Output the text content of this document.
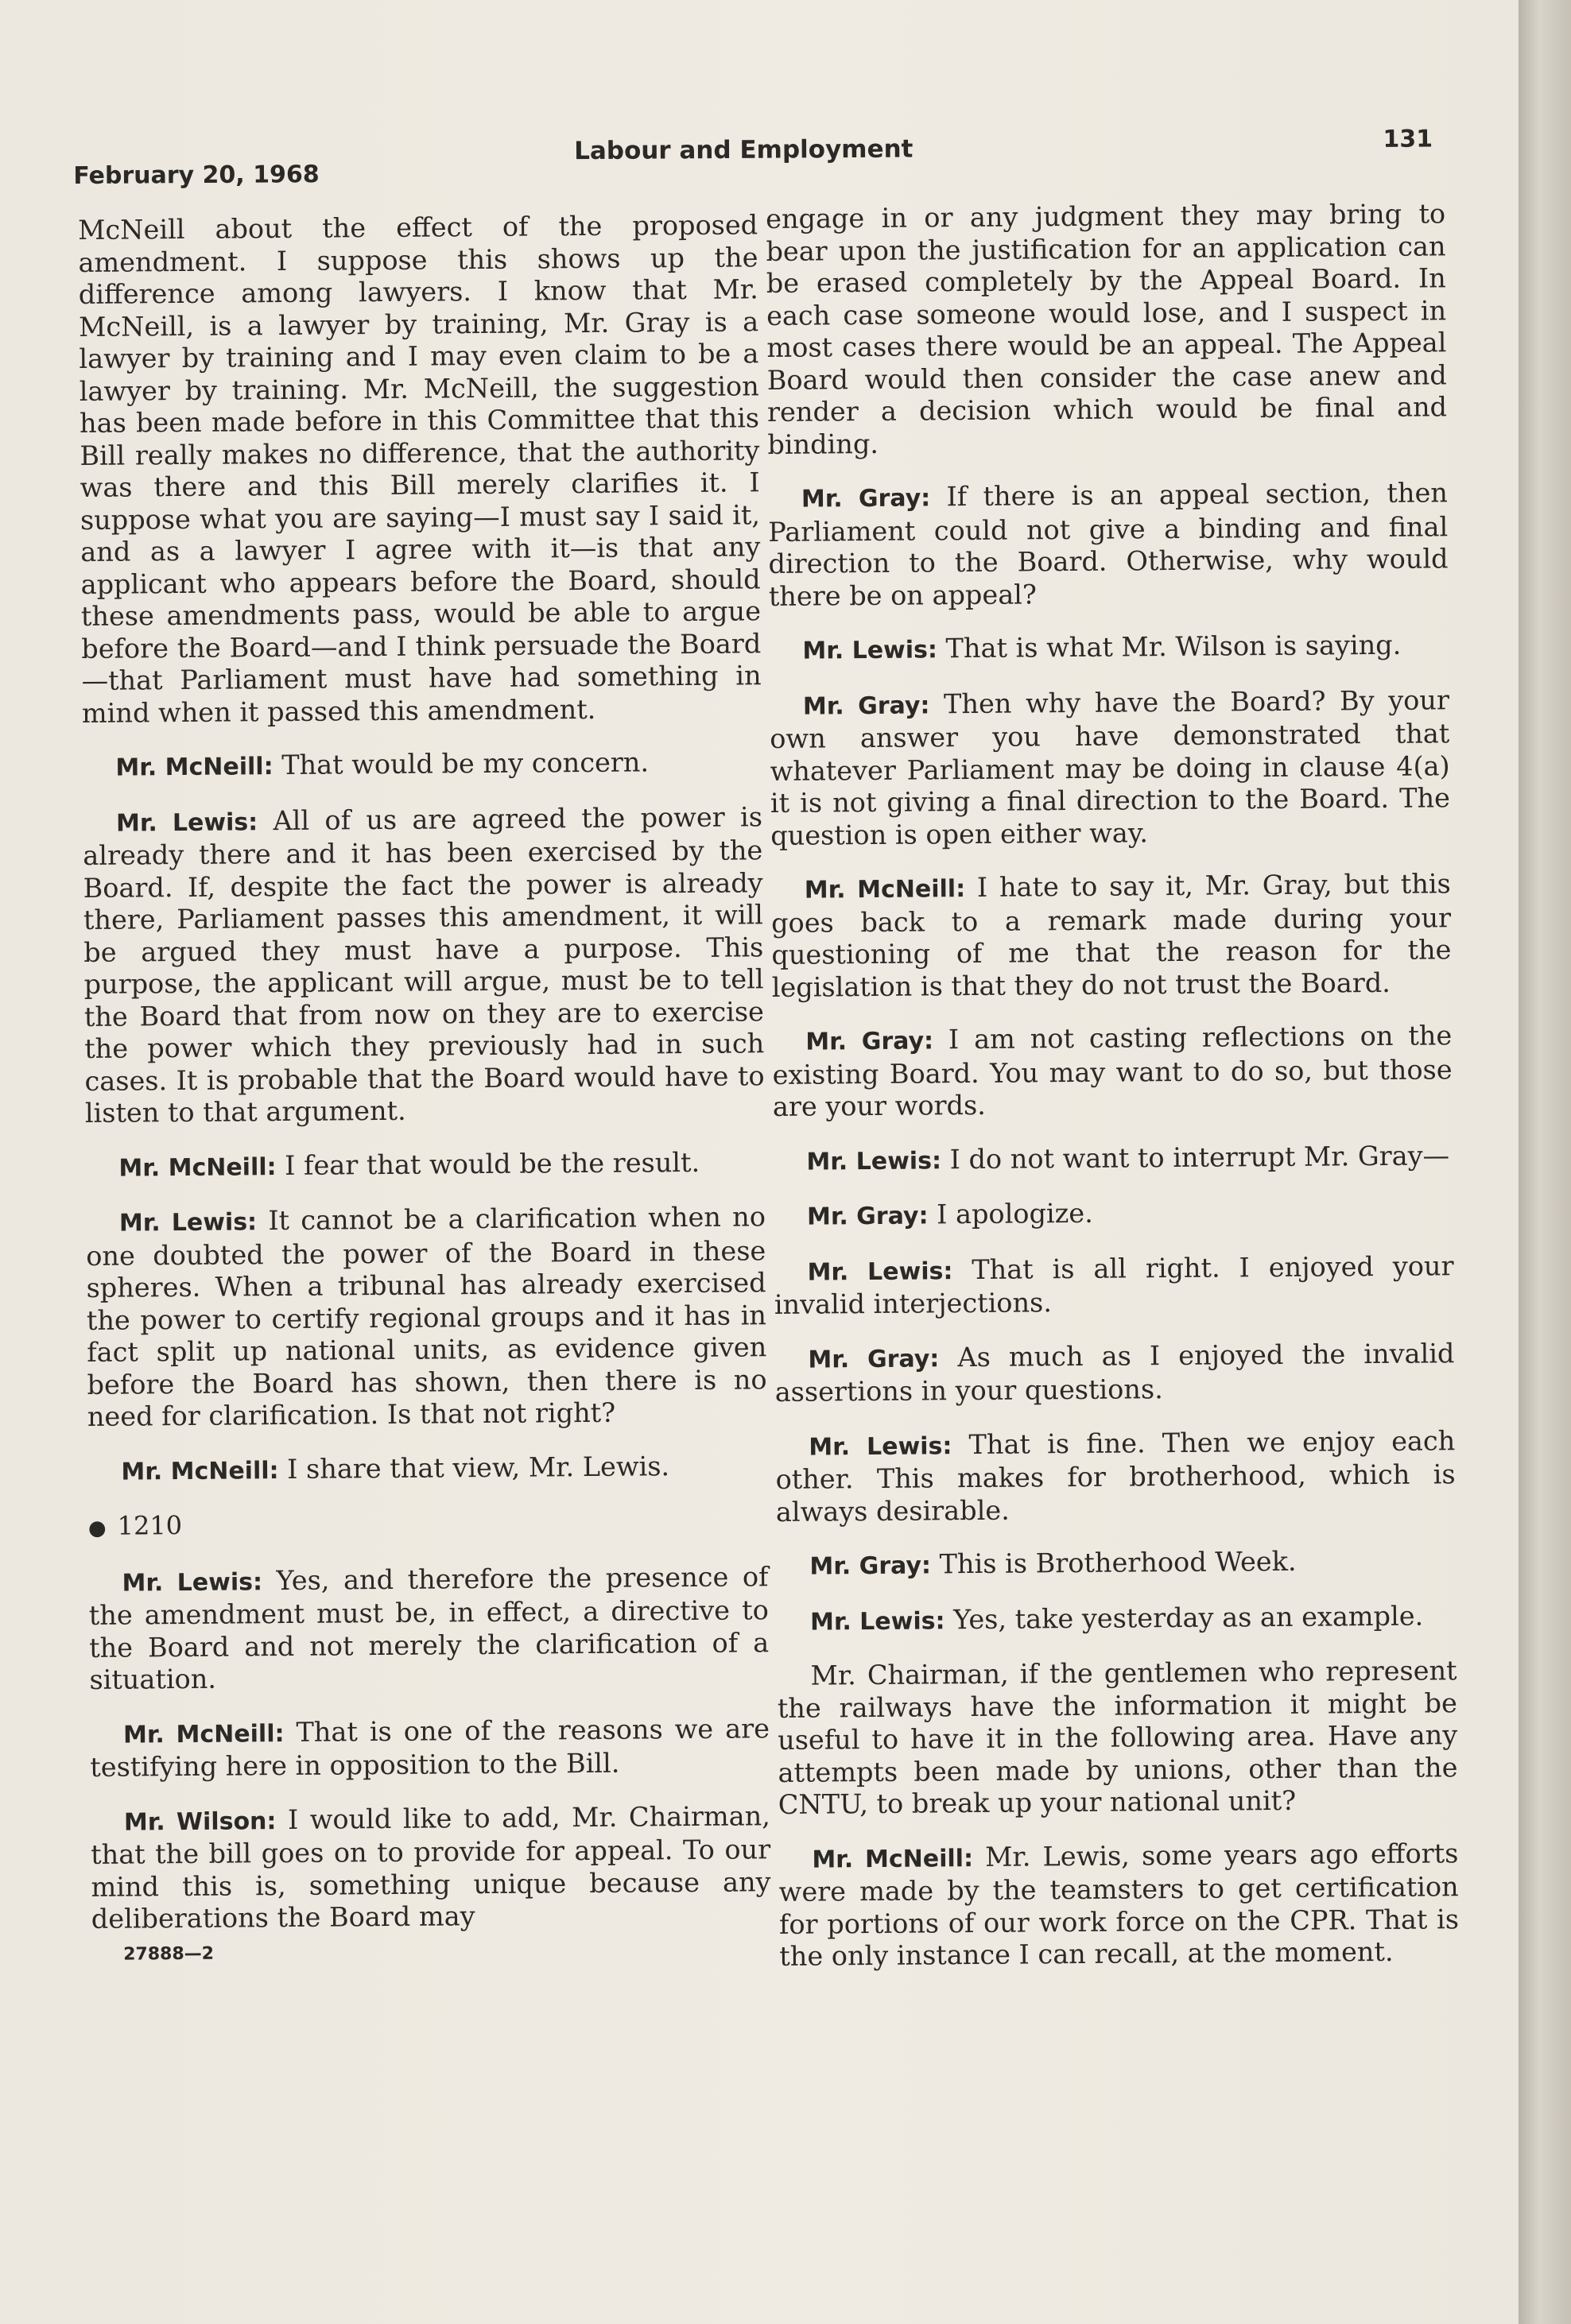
February 20, 1968
Labour and Employment	131

McNeill about the effect of the proposed amendment. I suppose this shows up the difference among lawyers. I know that Mr. McNeill, is a lawyer by training, Mr. Gray is a lawyer by training and I may even claim to be a lawyer by training. Mr. McNeill, the suggestion has been made before in this Committee that this Bill really makes no difference, that the authority was there and this Bill merely clarifies it. I suppose what you are saying—I must say I said it, and as a lawyer I agree with it—is that any applicant who appears before the Board, should these amendments pass, would be able to argue before the Board—and I think persuade the Board—that Parliament must have had something in mind when it passed this amendment.

Mr. McNeill: That would be my concern.

Mr. Lewis: All of us are agreed the power is already there and it has been exercised by the Board. If, despite the fact the power is already there, Parliament passes this amendment, it will be argued they must have a purpose. This purpose, the applicant will argue, must be to tell the Board that from now on they are to exercise the power which they previously had in such cases. It is probable that the Board would have to listen to that argument.

Mr. McNeill: I fear that would be the result.

Mr. Lewis: It cannot be a clarification when no one doubted the power of the Board in these spheres. When a tribunal has already exercised the power to certify regional groups and it has in fact split up national units, as evidence given before the Board has shown, then there is no need for clarification. Is that not right?

Mr. McNeill: I share that view, Mr. Lewis.

● 1210

Mr. Lewis: Yes, and therefore the presence of the amendment must be, in effect, a directive to the Board and not merely the clarification of a situation.

Mr. McNeill: That is one of the reasons we are testifying here in opposition to the Bill.

Mr. Wilson: I would like to add, Mr. Chairman, that the bill goes on to provide for appeal. To our mind this is, something unique because any deliberations the Board may

27888—2

engage in or any judgment they may bring to bear upon the justification for an application can be erased completely by the Appeal Board. In each case someone would lose, and I suspect in most cases there would be an appeal. The Appeal Board would then consider the case anew and render a decision which would be final and binding.

Mr. Gray: If there is an appeal section, then Parliament could not give a binding and final direction to the Board. Otherwise, why would there be on appeal?

Mr. Lewis: That is what Mr. Wilson is saying.

Mr. Gray: Then why have the Board? By your own answer you have demonstrated that whatever Parliament may be doing in clause 4(a) it is not giving a final direction to the Board. The question is open either way.

Mr. McNeill: I hate to say it, Mr. Gray, but this goes back to a remark made during your questioning of me that the reason for the legislation is that they do not trust the Board.

Mr. Gray: I am not casting reflections on the existing Board. You may want to do so, but those are your words.

Mr. Lewis: I do not want to interrupt Mr. Gray—

Mr. Gray: I apologize.

Mr. Lewis: That is all right. I enjoyed your invalid interjections.

Mr. Gray: As much as I enjoyed the invalid assertions in your questions.

Mr. Lewis: That is fine. Then we enjoy each other. This makes for brotherhood, which is always desirable.

Mr. Gray: This is Brotherhood Week.

Mr. Lewis: Yes, take yesterday as an example.

Mr. Chairman, if the gentlemen who represent the railways have the information it might be useful to have it in the following area. Have any attempts been made by unions, other than the CNTU, to break up your national unit?

Mr. McNeill: Mr. Lewis, some years ago efforts were made by the teamsters to get certification for portions of our work force on the CPR. That is the only instance I can recall, at the moment.
